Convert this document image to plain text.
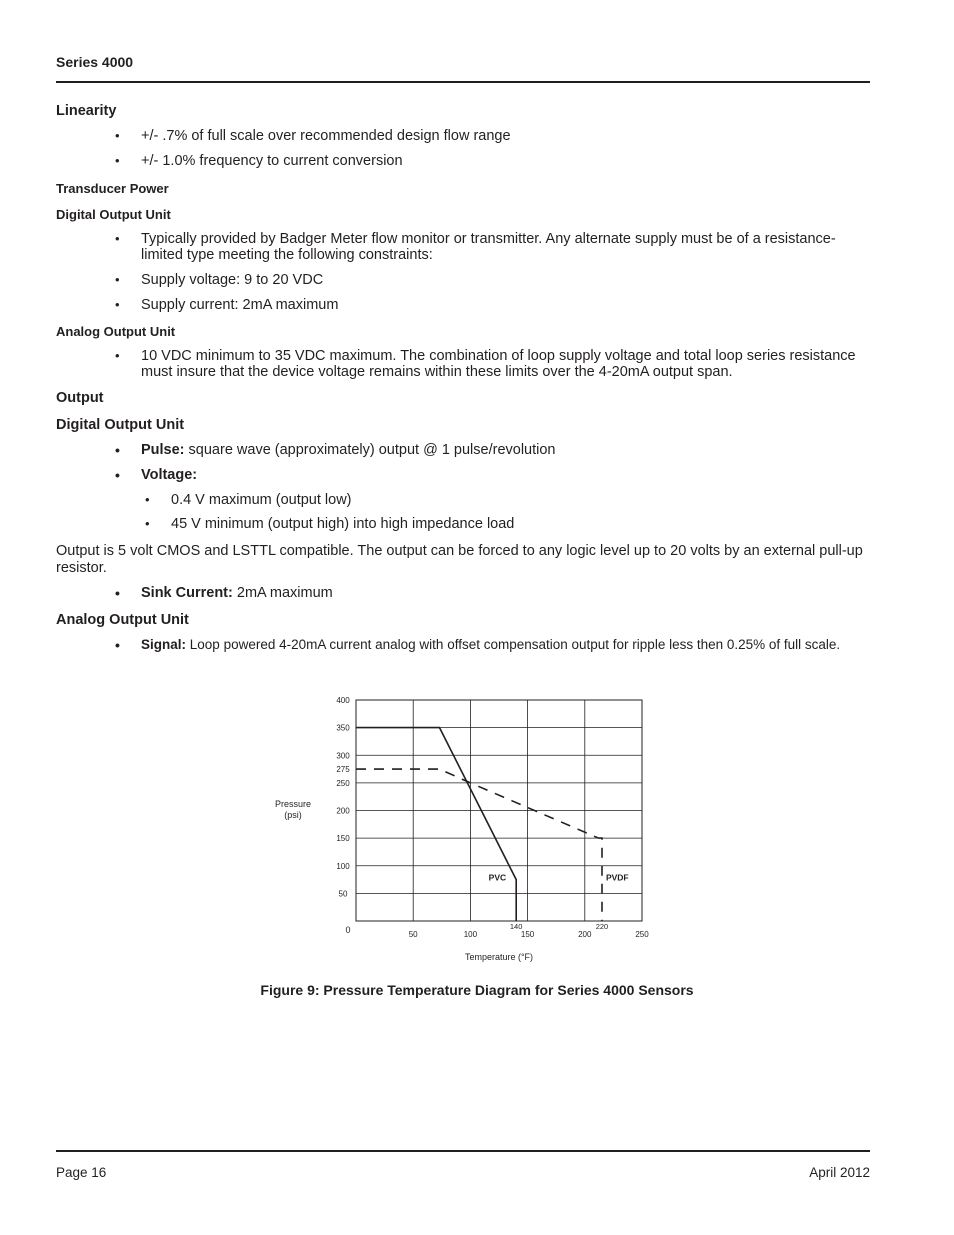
Series 4000
Linearity
• +/- .7% of full scale over recommended design flow range
• +/- 1.0% frequency to current conversion
Transducer Power
Digital Output Unit
• Typically provided by Badger Meter flow monitor or transmitter. Any alternate supply must be of a resistance-
limited type meeting the following constraints:
• Supply voltage: 9 to 20 VDC
• Supply current: 2mA maximum
Analog Output Unit
• 10 VDC minimum to 35 VDC maximum. The combination of loop supply voltage and total loop series resistance
must insure that the device voltage remains within these limits over the 4-20mA output span.
Output
Digital Output Unit
• Pulse: square wave (approximately) output @ 1 pulse/revolution
• Voltage:
• 0.4 V maximum (output low)
• 45 V minimum (output high) into high impedance load
Output is 5 volt CMOS and LSTTL compatible. The output can be forced to any logic level up to 20 volts by an external pull-up
resistor.
• Sink Current: 2mA maximum
Analog Output Unit
• Signal: Loop powered 4-20mA current analog with offset compensation output for ripple less then 0.25% of full scale.
50	100	150	200	250
400
350
300
275
250
200
150
100
50
PVC	PVDF
140	220
Pressure
(psi)
Temperature (°F)
0
Figure 9: Pressure Temperature Diagram for Series 4000 Sensors
Page 16	April 2012
